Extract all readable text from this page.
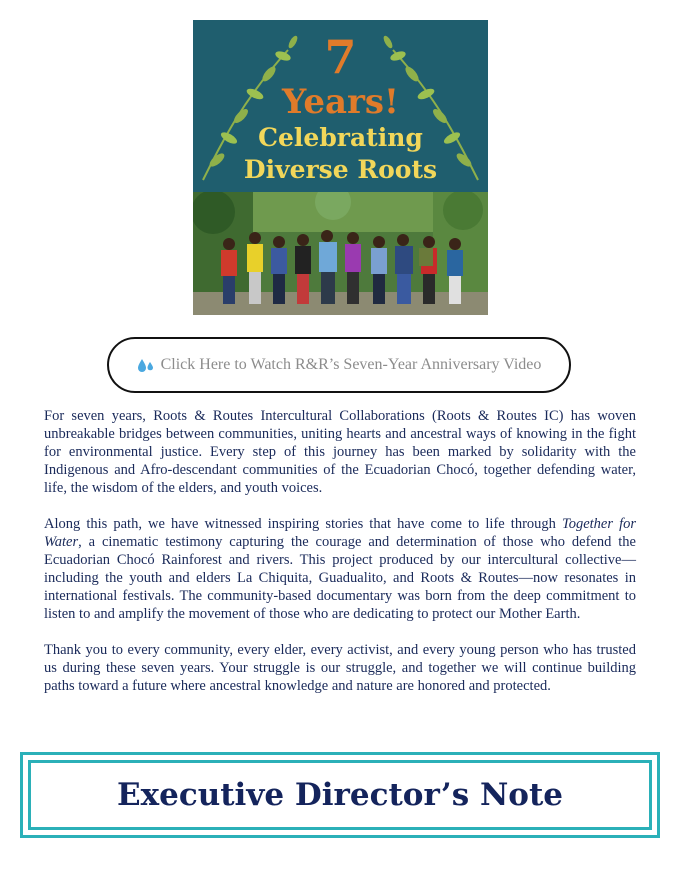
7
Years!
Celebrating
Diverse Roots
Click Here to Watch R&R’s Seven-Year Anniversary Video

For seven years, Roots & Routes Intercultural Collaborations (Roots & Routes IC) has woven unbreakable bridges between communities, uniting hearts and ancestral ways of knowing in the fight for environmental justice. Every step of this journey has been marked by solidarity with the Indigenous and Afro-descendant communities of the Ecuadorian Chocó, together defending water, life, the wisdom of the elders, and youth voices.

Along this path, we have witnessed inspiring stories that have come to life through Together for Water, a cinematic testimony capturing the courage and determination of those who defend the Ecuadorian Chocó Rainforest and rivers. This project produced by our intercultural collective—including the youth and elders La Chiquita, Guadualito, and Roots & Routes—now resonates in international festivals. The community-based documentary was born from the deep commitment to listen to and amplify the movement of those who are dedicating to protect our Mother Earth.

Thank you to every community, every elder, every activist, and every young person who has trusted us during these seven years. Your struggle is our struggle, and together we will continue building paths toward a future where ancestral knowledge and nature are honored and protected.

Executive Director’s Note
